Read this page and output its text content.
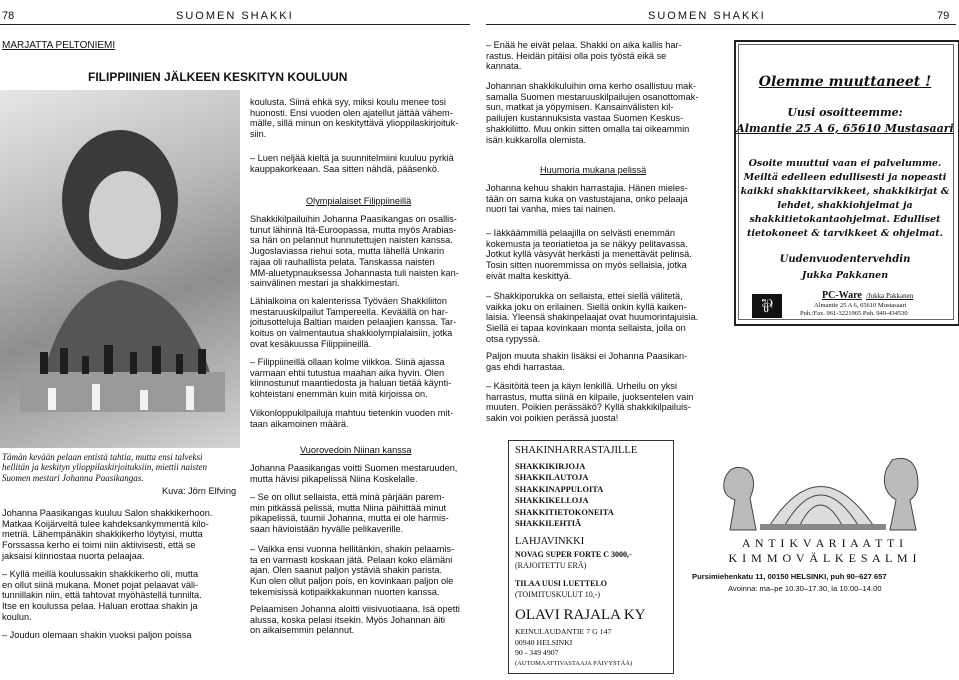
78	SUOMEN SHAKKI	SUOMEN SHAKKI	79
MARJATTA PELTONIEMI
FILIPPIINIEN JÄLKEEN KESKITYN KOULUUN
Tämän kevään pelaan entistä tahtia, mutta ensi talveksi
hellitän ja keskityn ylioppilaskirjoituksiin, miettii naisten
Suomen mestari Johanna Paasikangas.
Kuva: Jörn Elfving
Johanna Paasikangas kuuluu Salon shakkikerhoon.
Matkaa Koijärveltä tulee kahdeksankymmentä kilo-
metriä. Lähempänäkin shakkikerho löytyisi, mutta
Forssassa kerho ei toimi niin aktiivisesti, että se
jaksaisi kiinnostaa nuorta pelaajaa.
– Kyllä meillä koulussakin shakkikerho oli, mutta
en ollut siinä mukana. Monet pojat pelaavat väli-
tunnillakin niin, että tahtovat myöhästellä tunnilta.
Itse en koulussa pelaa. Haluan erottaa shakin ja
koulun.
– Joudun olemaan shakin vuoksi paljon poissa
koulusta. Siinä ehkä syy, miksi koulu menee tosi
huonosti. Ensi vuoden olen ajatellut jättää vähem-
mälle, sillä minun on keskityttävä ylioppilaskirjoituk-
siin.
– Luen neljää kieltä ja suunnitelmiini kuuluu pyrkiä
kauppakorkeaan. Saa sitten nähdä, pääsenkö.
Olympialaiset Filippiineillä
Shakkikilpailuihin Johanna Paasikangas on osallis-
tunut lähinnä Itä-Euroopassa, mutta myös Arabias-
sa hän on pelannut hunnutettujen naisten kanssa.
Jugoslaviassa riehui sota, mutta lähellä Unkarin
rajaa oli rauhallista pelata. Tanskassa naisten
MM-aluetурnauksessa Johannasta tuli naisten kan-
sainvälinen mestari ja shakkimestari.
Lähialkoina on kalenterissa Työväen Shakkiliiton
mestaruuskilpailut Tampereella. Keväällä on har-
joitusotteluja Baltian maiden pelaajien kanssa. Tar-
koitus on valmentautua shakkiolympialaisiin, jotka
ovat kesäkuussa Filippiineillä.
– Filippiineillä ollaan kolme viikkoa. Siinä ajassa
varmaan ehtii tutustua maahan aika hyvin. Olen
kiinnostunut maantiedosta ja haluan tietää käynti-
kohteistani enemmän kuin mitä kirjoissa on.
Viikonloppukilpailuja mahtuu tietenkin vuoden mit-
taan aikamoinen määrä.
Vuorovedoin Niinan kanssa
Johanna Paasikangas voitti Suomen mestaruuden,
mutta hävisi pikapelissä Niina Koskelalle.
– Se on ollut sellaista, että minä pärjään parem-
min pitkässä pelissä, mutta Niina päihittää minut
pikapelissä, tuumii Johanna, mutta ei ole harmis-
saan hävioistään hyvälle pelikaverille.
– Vaikka ensi vuonna hellitänkin, shakin pelaamis-
ta en varmasti koskaan jätä. Pelaan koko elämäni
ajan. Olen saanut paljon ystäviä shakin parista.
Kun olen ollut paljon pois, en kovinkaan paljon ole
tekemisissä kotipaikkakunnan nuorten kanssa.
Pelaamisen Johanna aloitti viisivuotiaana. Isä opetti
alussa, koska pelasi itsekin. Myös Johannan äiti
on aikaisemmin pelannut.
– Enää he eivät pelaa. Shakki on aika kallis har-
rastus. Heidän pitäisi olla pois työstä eikä se
kannata.
Johannan shakkikuluihin oma kerho osallistuu mak-
samalla Suomen mestaruuskilpailujen osanottomak-
sun, matkat ja yöpymisen. Kansainvälisten kil-
pailujen kustannuksista vastaa Suomen Keskus-
shakkiliitto. Muu onkin sitten omalla tai oikeammin
isän kukkarolla olemista.
Huumoria mukana pelissä
Johanna kehuu shakin harrastajia. Hänen mieles-
tään on sama kuka on vastustajana, onko pelaaja
nuori tai vanha, mies tai nainen.
– Iäkkäämmillä pelaajilla on selvästi enemmän
kokemusta ja teoriatietoa ja se näkyy pelitavassa.
Jotkut kyllä väsyvät herkästi ja menettävät pelinsä.
Tosin sitten nuoremmissa on myös sellaisia, jotka
eivät malta keskittyä.
– Shakkiporukka on sellaista, ettei siellä välitetä,
vaikka joku on erilainen. Siellä onkin kyllä kaiken-
laisia. Yleensä shakinpelaajat ovat huumorintajuisia.
Siellä ei tapaa kovinkaan monta sellaista, jolla on
otsa rypyssä.
Paljon muuta shakin lisäksi ei Johanna Paasikan-
gas ehdi harrastaa.
– Käsitöitä teen ja käyn lenkillä. Urheilu on yksi
harrastus, mutta siinä en kilpaile, juoksentelen vain
muuten. Poikien perässäkö? Kyllä shakkikilpailuis-
sakin voi poikien perässä juosta!
Olemme muuttaneet !
Uusi osoitteemme:
Almantie 25 A 6, 65610 Mustasaari
Osoite muuttui vaan ei palvelumme.
Meiltä edelleen edullisesti ja nopeasti
kaikki shakkitarvikkeet, shakkikirjat &
lehdet, shakkiohjelmat ja
shakkitietokantaohjelmat. Edulliset
tietokoneet & tarvikkeet & ohjelmat.
Uudenvuodentervehdin
Jukka Pakkanen
⅌
PC-Ware /Jukka Pakkanen
Almantie 25 A 6, 65610 Mustasaari
Puh./Fax. 961-3221965 Puh. 949-434530
SHAKINHARRASTAJILLE
SHAKKIKIRJOJA
SHAKKILAUTOJA
SHAKKINAPPULOITA
SHAKKIKELLOJA
SHAKKITIETOKONEITA
SHAKKILEHTIÄ
LAHJAVINKKI
NOVAG SUPER FORTE C 3000,-
(RAJOITETTU ERÄ)
TILAA UUSI LUETTELO
(TOIMITUSKULUT 10,-)
OLAVI RAJALA KY
KEINULAUDANTIE 7 G 147
00940 HELSINKI
90 - 349 4907
(AUTOMAATTIVASTAAJA PÄIVYSTÄÄ)
A N T I K V A R I A A T T I
K I M M O V Ä L K E S A L M I
Pursimiehenkatu 11, 00150 HELSINKI, puh 90–627 657
Avoinna: ma–pe 10.30–17.30, la 10.00–14.00
